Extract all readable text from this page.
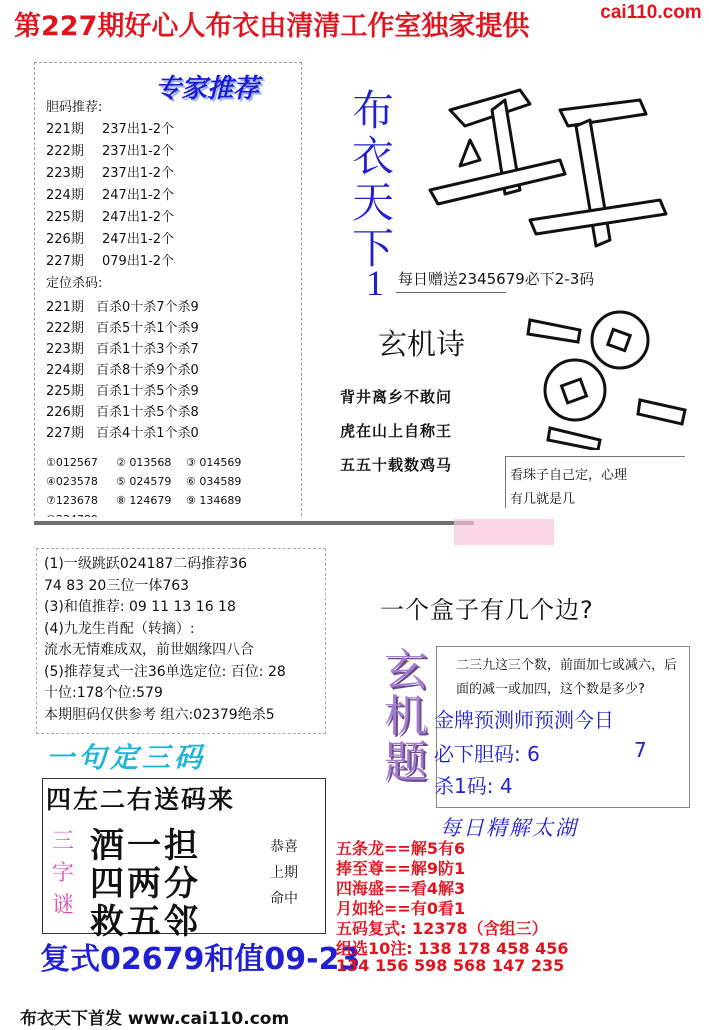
第227期好心人布衣由清清工作室独家提供	cai110.com
专家推荐
胆码推荐:
221期 237出1-2个
222期 237出1-2个
223期 237出1-2个
224期 247出1-2个
225期 247出1-2个
226期 247出1-2个
227期 079出1-2个
定位杀码:
221期 百杀0十杀7个杀9
222期 百杀5十杀1个杀9
223期 百杀1十杀3个杀7
224期 百杀8十杀9个杀0
225期 百杀1十杀5个杀9
226期 百杀1十杀5个杀8
227期 百杀4十杀1个杀0
①012567 ② 013568 ③ 014569
④023578 ⑤ 024579 ⑥ 034589
⑦123678 ⑧ 124679 ⑨ 134689
布衣天下
1 每日赠送2345679必下2-3码
玄机诗
背井离乡不敢问
虎在山上自称王
五五十载数鸡马
看珠子自己定，心理
有几就是几
(1)一级跳跃024187二码推荐36
74 83 20三位一体763
(3)和值推荐: 09 11 13 16 18
(4)九龙生肖配（转摘）:
流水无情难成双，前世姻缘四八合
(5)推荐复式一注36单选定位: 百位: 28
十位:178个位:579
本期胆码仅供参考 组六:02379绝杀5
一句定三码
四左二右送码来
三字谜
酒一担
四两分
救五邻
恭喜
上期
命中
复式02679和值09-23
一个盒子有几个边?
玄机题
二三九这三个数，前面加七或减六，后
面的减一或加四，这个数是多少?
金牌预测师预测今日
必下胆码: 6	7
杀1码: 4
每日精解太湖
五条龙==解5有6
捧至尊==解9防1
四海盛==看4解3
月如轮==有0看1
五码复式: 12378（含组三）
组选10注: 138 178 458 456
134 156 598 568 147 235
布衣天下首发 www.cai110.com
